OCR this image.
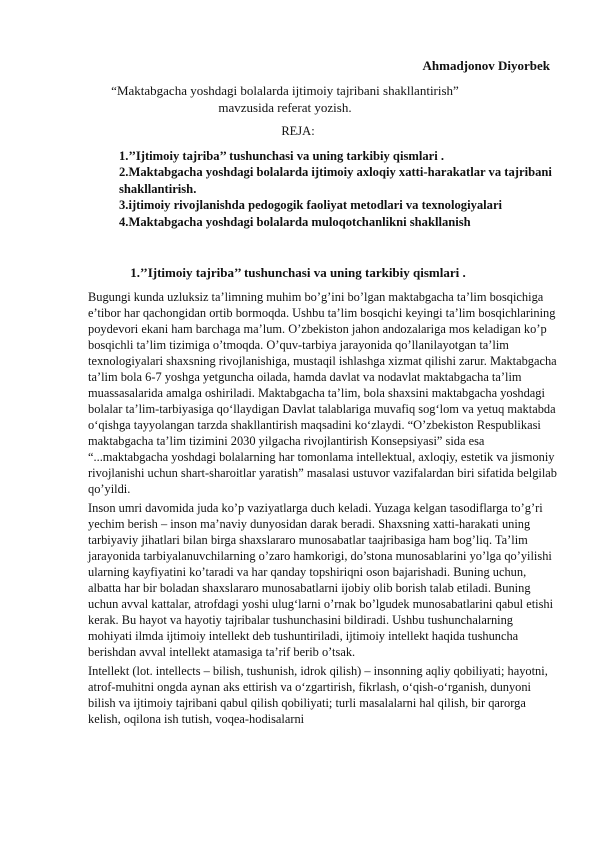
Ahmadjonov Diyorbek
“Maktabgacha yoshdagi bolalarda ijtimoiy tajribani shakllantirish” mavzusida referat yozish.
REJA:
1.’’Ijtimoiy tajriba’’ tushunchasi va uning tarkibiy qismlari .
2.Maktabgacha yoshdagi bolalarda ijtimoiy axloqiy xatti-harakatlar va tajribani shakllantirish.
3.ijtimoiy rivojlanishda pedogogik faoliyat metodlari va texnologiyalari
4.Maktabgacha yoshdagi bolalarda muloqotchanlikni shakllanish
1.’’Ijtimoiy tajriba’’ tushunchasi va uning tarkibiy qismlari .

Bugungi kunda uzluksiz ta’limning muhim bo’g’ini bo’lgan maktabgacha ta’lim bosqichiga e’tibor har qachongidan ortib bormoqda. Ushbu ta’lim bosqichi keyingi ta’lim bosqichlarining poydevori ekani ham barchaga ma’lum. O’zbekiston jahon andozalariga mos keladigan ko’p bosqichli ta’lim tizimiga o’tmoqda. O’quv-tarbiya jarayonida qo’llanilayotgan ta’lim texnologiyalari shaxsning rivojlanishiga, mustaqil ishlashga xizmat qilishi zarur. Maktabgacha ta’lim bola 6-7 yoshga yetguncha oilada, hamda davlat va nodavlat maktabgacha ta’lim muassasalarida amalga oshiriladi. Maktabgacha ta’lim, bola shaxsini maktabgacha yoshdagi bolalar ta’lim-tarbiyasiga qo‘llaydigan Davlat talablariga muvafiq sog‘lom va yetuq maktabda o‘qishga tayyolangan tarzda shakllantirish maqsadini ko‘zlaydi. “O’zbekiston Respublikasi maktabgacha ta’lim tizimini 2030 yilgacha rivojlantirish Konsepsiyasi” sida esa “...maktabgacha yoshdagi bolalarning har tomonlama intellektual, axloqiy, estetik va jismoniy rivojlanishi uchun shart-sharoitlar yaratish” masalasi ustuvor vazifalardan biri sifatida belgilab qo’yildi.

Inson umri davomida juda ko’p vaziyatlarga duch keladi. Yuzaga kelgan tasodiflarga to’g’ri yechim berish – inson ma’naviy dunyosidan darak beradi. Shaxsning xatti-harakati uning tarbiyaviy jihatlari bilan birga shaxslararo munosabatlar taajribasiga ham bog’liq. Ta’lim jarayonida tarbiyalanuvchilarning o’zaro hamkorigi, do’stona munosablarini yo’lga qo’yilishi ularning kayfiyatini ko’taradi va har qanday topshiriqni oson bajarishadi. Buning uchun, albatta har bir boladan shaxslararo munosabatlarni ijobiy olib borish talab etiladi. Buning uchun avval kattalar, atrofdagi yoshi ulug‘larni o’rnak bo’lgudek munosabatlarini qabul etishi kerak. Bu hayot va hayotiy tajribalar tushunchasini bildiradi. Ushbu tushunchalarning mohiyati ilmda ijtimoiy intellekt deb tushuntiriladi, ijtimoiy intellekt haqida tushuncha berishdan avval intellekt atamasiga ta’rif berib o’tsak.

Intellekt (lot. intellects – bilish, tushunish, idrok qilish) – insonning aqliy qobiliyati; hayotni, atrof-muhitni ongda aynan aks ettirish va o‘zgartirish, fikrlash, o‘qish-o‘rganish, dunyoni bilish va ijtimoiy tajribani qabul qilish qobiliyati; turli masalalarni hal qilish, bir qarorga kelish, oqilona ish tutish, voqea-hodisalarni
